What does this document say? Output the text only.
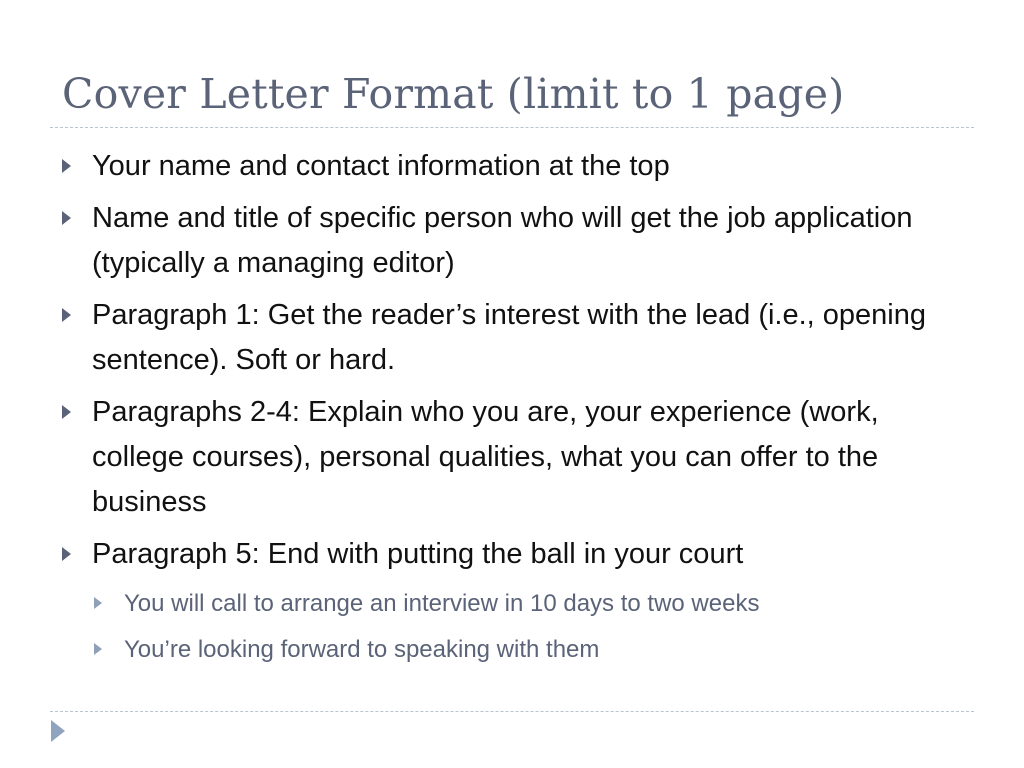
Cover Letter Format (limit to 1 page)
Your name and contact information at the top
Name and title of specific person who will get the job application (typically a managing editor)
Paragraph 1: Get the reader’s interest with the lead (i.e., opening sentence). Soft or hard.
Paragraphs 2-4: Explain who you are, your experience (work, college courses), personal qualities, what you can offer to the business
Paragraph 5: End with putting the ball in your court
You will call to arrange an interview in 10 days to two weeks
You’re looking forward to speaking with them
